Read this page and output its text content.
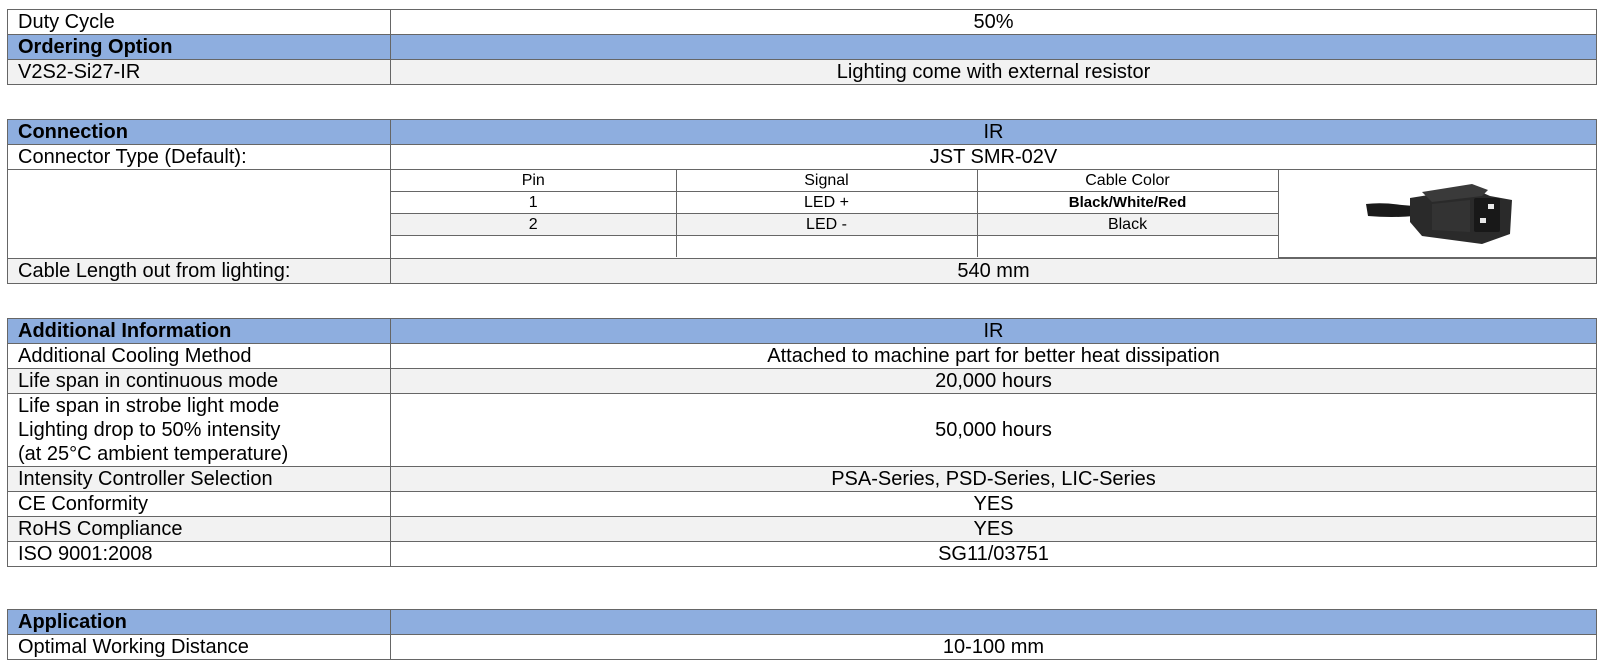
Duty Cycle	50%
Ordering Option	
V2S2-Si27-IR	Lighting come with external resistor
Connection	IR
Connector Type (Default):	JST SMR-02V

Pin	Signal	Cable Color	

1	LED +	Black/White/Red
2	LED -	Black

Cable Length out from lighting:	540 mm
Additional Information	IR
Additional Cooling Method	Attached to machine part for better heat dissipation
Life span in continuous mode	20,000 hours

Life span in strobe light mode
Lighting drop to 50% intensity
(at 25°C ambient temperature)	50,000 hours
Intensity Controller Selection	PSA-Series, PSD-Series, LIC-Series
CE Conformity	YES
RoHS Compliance	YES
ISO 9001:2008	SG11/03751
Application	
Optimal Working Distance	10-100 mm
